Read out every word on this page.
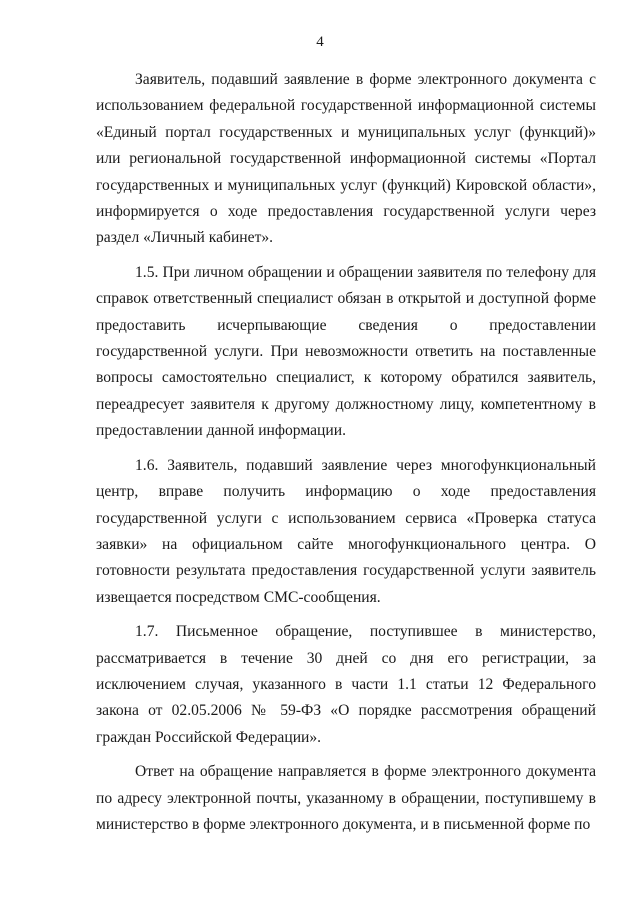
4

Заявитель, подавший заявление в форме электронного документа с использованием федеральной государственной информационной системы «Единый портал государственных и муниципальных услуг (функций)» или региональной государственной информационной системы «Портал государственных и муниципальных услуг (функций) Кировской области», информируется о ходе предоставления государственной услуги через раздел «Личный кабинет».

1.5. При личном обращении и обращении заявителя по телефону для справок ответственный специалист обязан в открытой и доступной форме предоставить исчерпывающие сведения о предоставлении государственной услуги. При невозможности ответить на поставленные вопросы самостоятельно специалист, к которому обратился заявитель, переадресует заявителя к другому должностному лицу, компетентному в предоставлении данной информации.

1.6. Заявитель, подавший заявление через многофункциональный центр, вправе получить информацию о ходе предоставления государственной услуги с использованием сервиса «Проверка статуса заявки» на официальном сайте многофункционального центра. О готовности результата предоставления государственной услуги заявитель извещается посредством СМС-сообщения.

1.7. Письменное обращение, поступившее в министерство, рассматривается в течение 30 дней со дня его регистрации, за исключением случая, указанного в части 1.1 статьи 12 Федерального закона от 02.05.2006 № 59-ФЗ «О порядке рассмотрения обращений граждан Российской Федерации».

Ответ на обращение направляется в форме электронного документа по адресу электронной почты, указанному в обращении, поступившему в министерство в форме электронного документа, и в письменной форме по
